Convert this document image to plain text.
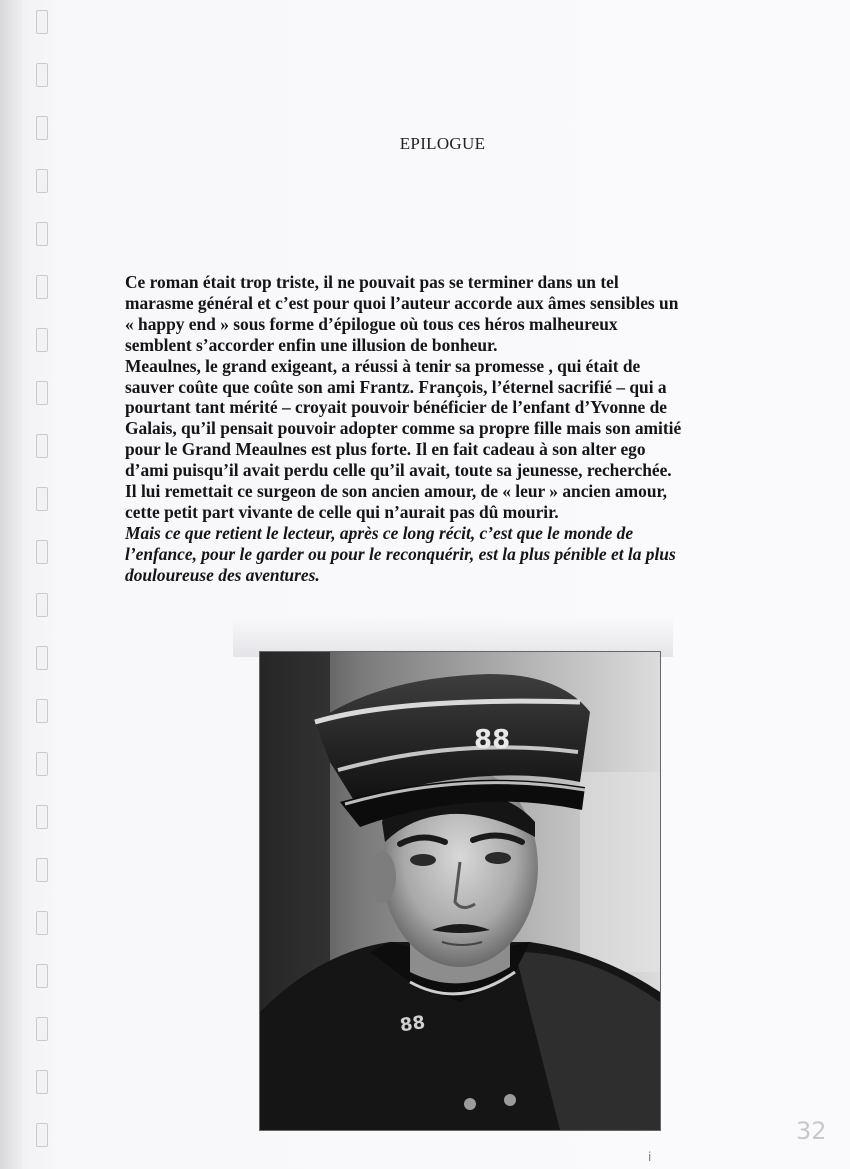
EPILOGUE

Ce roman était trop triste, il ne pouvait pas se terminer dans un tel

marasme général et c’est pour quoi l’auteur accorde aux âmes sensibles un

« happy end » sous forme d’épilogue où tous ces héros malheureux

semblent s’accorder enfin une illusion de bonheur.

Meaulnes, le grand exigeant, a réussi à tenir sa promesse , qui était de

sauver coûte que coûte son ami Frantz. François, l’éternel sacrifié – qui a

pourtant tant mérité – croyait pouvoir bénéficier de l’enfant d’Yvonne de

Galais, qu’il pensait pouvoir adopter comme sa propre fille mais son amitié

pour le Grand Meaulnes est plus forte. Il en fait cadeau à son alter ego

d’ami puisqu’il avait perdu celle qu’il avait, toute sa jeunesse, recherchée.

Il lui remettait ce surgeon de son ancien amour, de « leur » ancien amour,

cette petit part vivante de celle qui n’aurait pas dû mourir.

Mais ce que retient le lecteur, après ce long récit, c’est que le monde de

l’enfance, pour le garder ou pour le reconquérir, est la plus pénible et la plus

douloureuse des aventures.

88
88
32
i
